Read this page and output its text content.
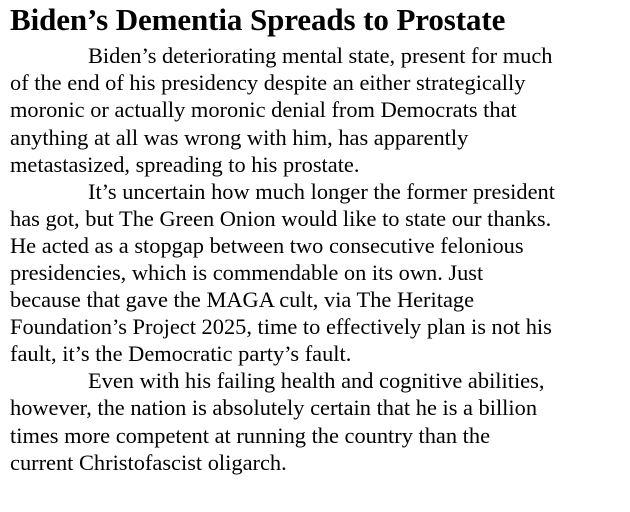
Biden’s Dementia Spreads to Prostate

Biden’s deteriorating mental state, present for much

of the end of his presidency despite an either strategically

moronic or actually moronic denial from Democrats that

anything at all was wrong with him, has apparently

metastasized, spreading to his prostate.

It’s uncertain how much longer the former president

has got, but The Green Onion would like to state our thanks.

He acted as a stopgap between two consecutive felonious

presidencies, which is commendable on its own. Just

because that gave the MAGA cult, via The Heritage

Foundation’s Project 2025, time to effectively plan is not his

fault, it’s the Democratic party’s fault.

Even with his failing health and cognitive abilities,

however, the nation is absolutely certain that he is a billion

times more competent at running the country than the

current Christofascist oligarch.
